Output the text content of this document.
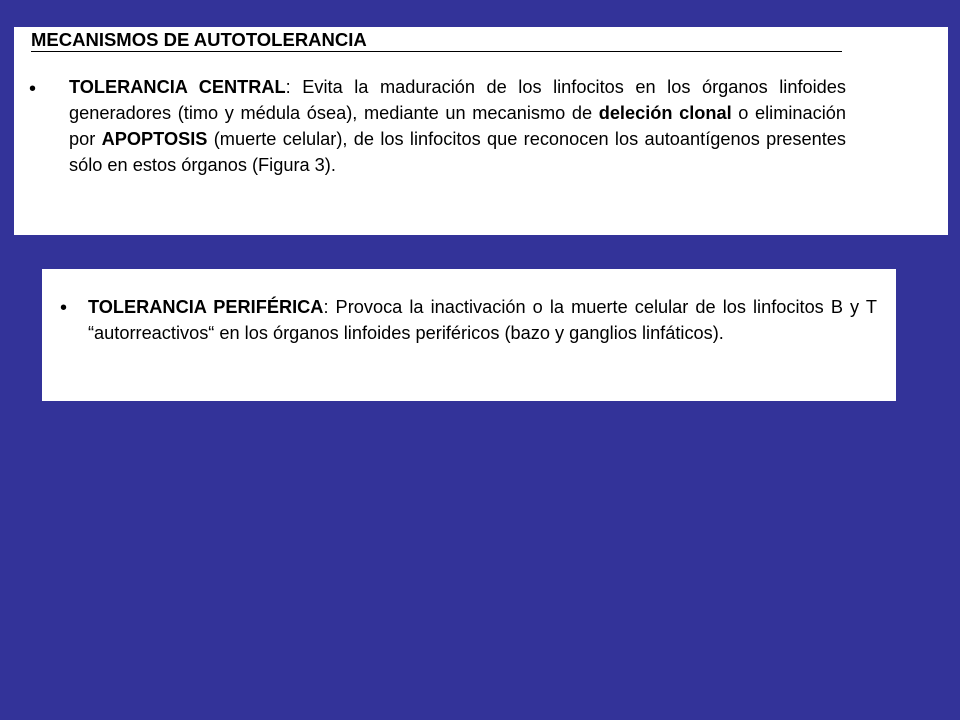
MECANISMOS DE AUTOTOLERANCIA
• TOLERANCIA CENTRAL: Evita la maduración de los linfocitos en los órganos linfoides generadores (timo y médula ósea), mediante un mecanismo de deleción clonal o eliminación por APOPTOSIS (muerte celular), de los linfocitos que reconocen los autoantígenos presentes sólo en estos órganos (Figura 3).

• TOLERANCIA PERIFÉRICA: Provoca la inactivación o la muerte celular de los linfocitos B y T “autorreactivos“ en los órganos linfoides periféricos (bazo y ganglios linfáticos).
